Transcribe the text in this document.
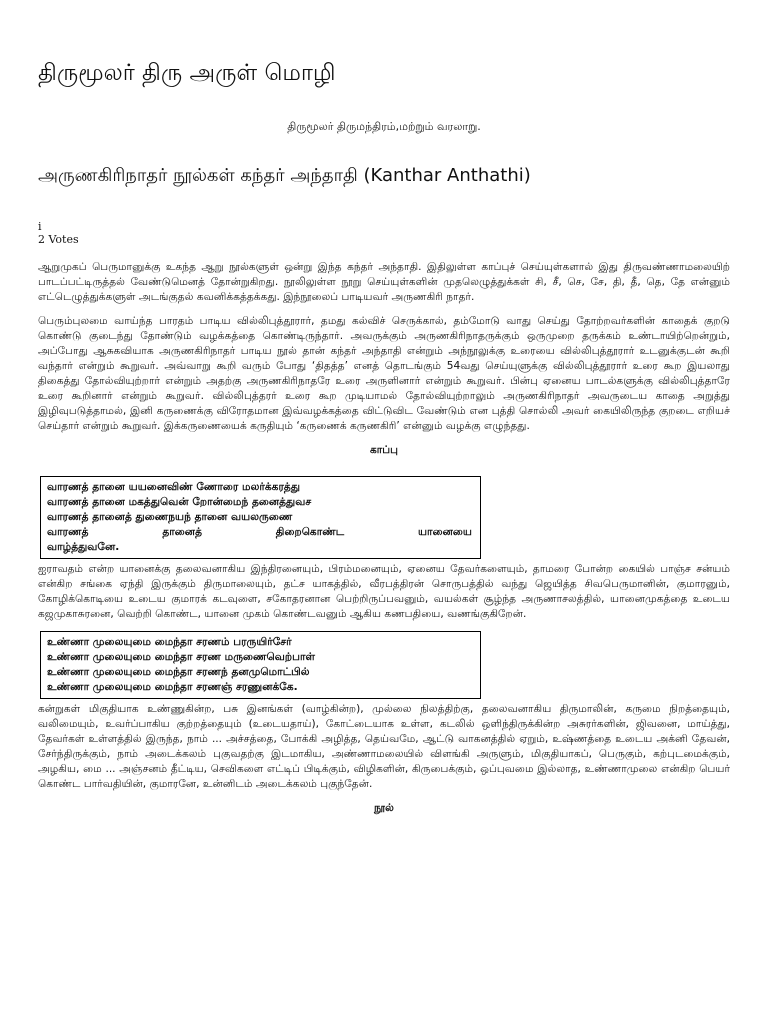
திருமூலர் திரு அருள் மொழி

திருமூலர் திருமந்திரம்,மற்றும் வரலாறு.

அருணகிரிநாதர் நூல்கள் கந்தர் அந்தாதி (Kanthar Anthathi)
i
2 Votes

ஆறுமுகப் பெருமானுக்கு உகந்த ஆறு நூல்களுள் ஒன்று இந்த கந்தர் அந்தாதி. இதிலுள்ள காப்புச் செய்யுள்களால் இது திருவண்ணாமலையிற் பாடப்பட்டிருத்தல் வேண்டுமெனத் தோன்றுகிறது. நூலிலுள்ள நூறு செய்யுள்களின் முதலெழுத்துக்கள் சி, சீ, செ, சே, தி, தீ, தெ, தே என்னும் எட்டெழுத்துக்களுள் அடங்குதல் கவனிக்கத்தக்கது. இந்நூலைப் பாடியவர் அருணகிரி நாதர்.

பெரும்புலமை வாய்ந்த பாரதம் பாடிய வில்லிபுத்தூரார், தமது கல்விச் செருக்கால், தம்மோடு வாது செய்து தோற்றவர்களின் காதைக் குறடு கொண்டு குடைந்து தோண்டும் வழக்கத்தை கொண்டிருந்தார். அவருக்கும் அருணகிரிநாதருக்கும் ஒருமுறை தருக்கம் உண்டாயிற்றென்றும், அப்போது ஆசுகவியாக அருணகிரிநாதர் பாடிய நூல் தான் கந்தர் அந்தாதி என்றும் அந்நூலுக்கு உரையை வில்லிபுத்தூரார் உடனுக்குடன் கூறி வந்தார் என்றும் கூறுவர். அவ்வாறு கூறி வரும் போது ‘திதத்த’ எனத் தொடங்கும் 54வது செய்யுளுக்கு வில்லிபுத்தூரார் உரை கூற இயலாது திகைத்து தோல்வியுற்றார் என்றும் அதற்கு அருணகிரிநாதரே உரை அருளினார் என்றும் கூறுவர். பின்பு ஏனைய பாடல்களுக்கு வில்லிபுத்தாரே உரை கூறினார் என்றும் கூறுவர். வில்லிபுத்தரர் உரை கூற முடியாமல் தோல்வியுற்றாலும் அருணகிரிநாதர் அவருடைய காதை அறுத்து இழிவுபடுத்தாமல், இனி கருணைக்கு விரோதமான இவ்வழக்கத்தை விட்டுவிட வேண்டும் என புத்தி சொல்லி அவர் கையிலிருந்த குறடை எறியச் செய்தார் என்றும் கூறுவர். இக்கருணையைக் கருதியும் ‘கருணைக் கருணகிரி’ என்னும் வழக்கு எழுந்தது.

காப்பு

வாரணத் தானை யயனைவிண் ணோரை மலர்க்கரத்து
வாரணத் தானை மகத்துவென் றோன்மைந் தனைத்துவச
வாரணத் தானைத் துணைநயந் தானை வயலருணை
வாரணத் தானைத் திறைகொண்ட யானையை
வாழ்த்துவனே.

ஐராவதம் என்ற யானைக்கு தலைவனாகிய இந்திரனையும், பிரம்மனையும், ஏனைய தேவர்களையும், தாமரை போன்ற கையில் பாஞ்ச சன்யம் என்கிற சங்கை ஏந்தி இருக்கும் திருமாலையும், தட்ச யாகத்தில், வீரபத்திரன் சொருபத்தில் வந்து ஜெயித்த சிவபெருமானின், குமாரனும், கோழிக்கொடியை உடைய குமாரக் கடவுளை, சகோதரனான பெற்றிருப்பவனும், வயல்கள் சூழ்ந்த அருணாசலத்தில், யானைமுகத்தை உடைய கஜமுகாசுரனை, வெற்றி கொண்ட, யானை முகம் கொண்டவனும் ஆகிய கணபதியை, வணங்குகிறேன்.

உண்ணா முலையுமை மைந்தா சரணம் பரருயிர்சேர்
உண்ணா முலையுமை மைந்தா சரண மருணைவெற்பாள்
உண்ணா முலையுமை மைந்தா சரணந் தனமுமொட்பில்
உண்ணா முலையுமை மைந்தா சரணஞ் சரணுனக்கே.

கன்றுகள் மிகுதியாக உண்ணுகின்ற, பசு இனங்கள் (வாழ்கின்ற), முல்லை நிலத்திற்கு, தலைவனாகிய திருமாலின், கருமை நிறத்தையும், வலிமையும், உவர்ப்பாகிய குற்றத்தையும் (உடையதாய்), கோட்டையாக உள்ள, கடலில் ஒளிந்திருக்கின்ற அசுரர்களின், ஜிவனை, மாய்த்து, தேவர்கள் உள்ளத்தில் இருந்த, நாம் ... அச்சத்தை, போக்கி அழித்த, தெய்வமே, ஆட்டு வாகனத்தில் ஏறும், உஷ்ணத்தை உடைய அக்னி தேவன், சேர்ந்திருக்கும், நாம் அடைக்கலம் புகுவதற்கு இடமாகிய, அண்ணாமலையில் விளங்கி அருளும், மிகுதியாகப், பெருகும், கற்புடமைக்கும், அழகிய, மை ... அஞ்சனம் தீட்டிய, செவிகளை எட்டிப் பிடிக்கும், விழிகளின், கிருபைக்கும், ஒப்புவமை இல்லாத, உண்ணாமுலை என்கிற பெயர் கொண்ட பார்வதியின், குமாரனே, உன்னிடம் அடைக்கலம் புகுந்தேன்.

நூல்
